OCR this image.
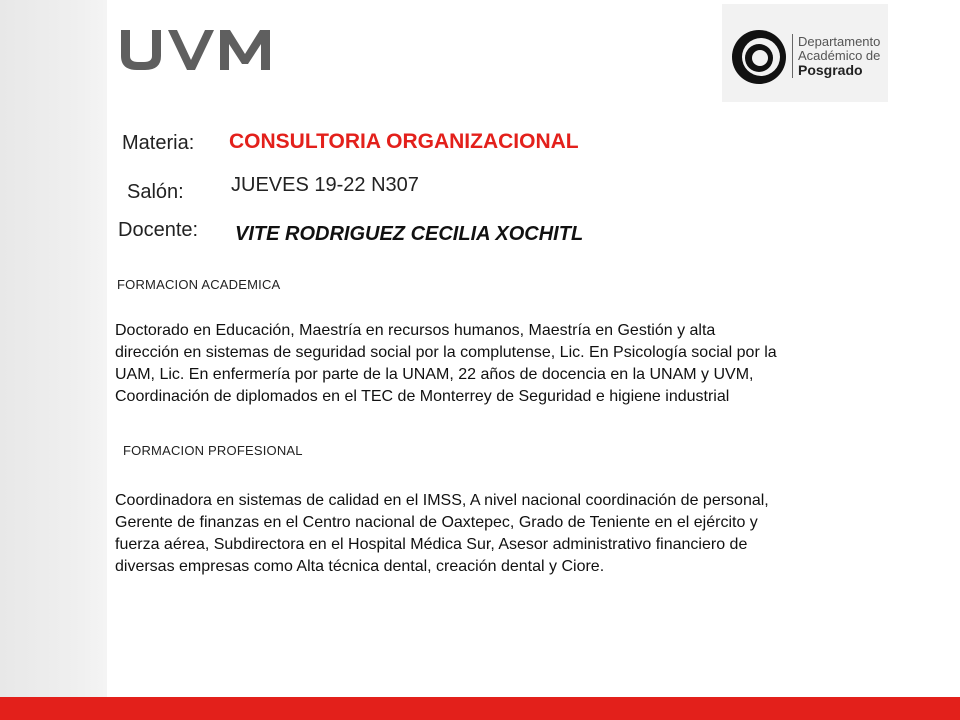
Departamento
Académico de
Posgrado
Materia: CONSULTORIA ORGANIZACIONAL
Salón: JUEVES 19-22 N307
Docente: VITE RODRIGUEZ CECILIA XOCHITL
FORMACION ACADEMICA
Doctorado en Educación, Maestría en recursos humanos, Maestría en Gestión y alta
dirección en sistemas de seguridad social por la complutense, Lic. En Psicología social por la
UAM, Lic. En enfermería por parte de la UNAM, 22 años de docencia en la UNAM y UVM,
Coordinación de diplomados en el TEC de Monterrey de Seguridad e higiene industrial
FORMACION PROFESIONAL
Coordinadora en sistemas de calidad en el IMSS, A nivel nacional coordinación de personal,
Gerente de finanzas en el Centro nacional de Oaxtepec, Grado de Teniente en el ejército y
fuerza aérea, Subdirectora en el Hospital Médica Sur, Asesor administrativo financiero de
diversas empresas como Alta técnica dental, creación dental y Ciore.
